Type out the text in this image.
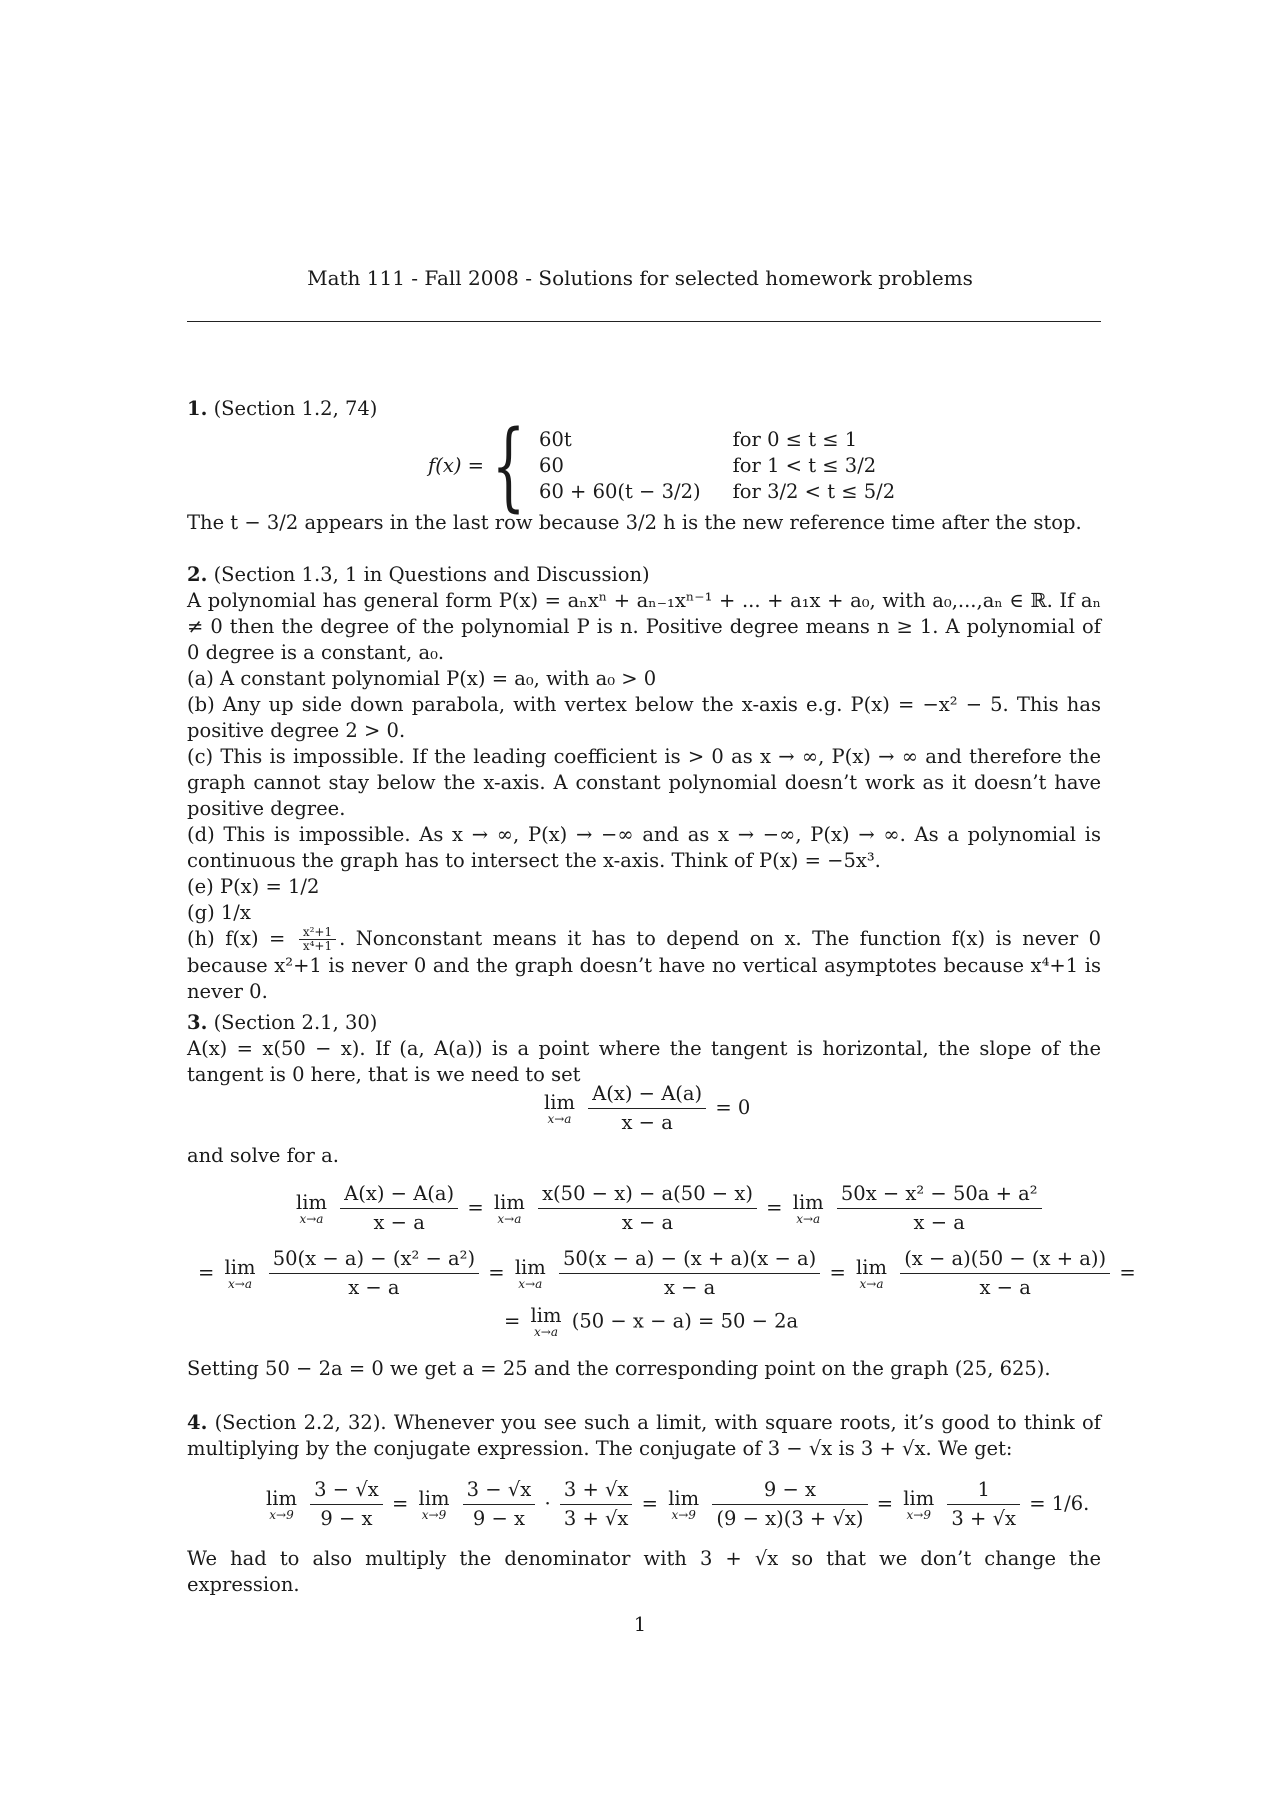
Math 111 - Fall 2008 - Solutions for selected homework problems
1. (Section 1.2, 74)
f(x) = { 60t	for 0 ≤ t ≤ 1
60	for 1 < t ≤ 3/2
60 + 60(t − 3/2)	for 3/2 < t ≤ 5/2

The t − 3/2 appears in the last row because 3/2 h is the new reference time after the stop.

2. (Section 1.3, 1 in Questions and Discussion)

A polynomial has general form P(x) = aₙxⁿ + aₙ₋₁xⁿ⁻¹ + ... + a₁x + a₀, with a₀,...,aₙ ∈ ℝ. If aₙ ≠ 0 then the degree of the polynomial P is n. Positive degree means n ≥ 1. A polynomial of 0 degree is a constant, a₀.

(a) A constant polynomial P(x) = a₀, with a₀ > 0

(b) Any up side down parabola, with vertex below the x-axis e.g. P(x) = −x² − 5. This has positive degree 2 > 0.

(c) This is impossible. If the leading coefficient is > 0 as x → ∞, P(x) → ∞ and therefore the graph cannot stay below the x-axis. A constant polynomial doesn’t work as it doesn’t have positive degree.

(d) This is impossible. As x → ∞, P(x) → −∞ and as x → −∞, P(x) → ∞. As a polynomial is continuous the graph has to intersect the x-axis. Think of P(x) = −5x³.

(e) P(x) = 1/2

(g) 1/x

(h) $f(x) = \frac{\text{x²+1}}{\text{x⁴+1}}$ . Nonconstant means it has to depend on x. The function f(x) is never 0 because x²+1 is never 0 and the graph doesn’t have no vertical asymptotes because x⁴+1 is never 0.

3. (Section 2.1, 30)

A(x) = x(50 − x). If (a, A(a)) is a point where the tangent is horizontal, the slope of the tangent is 0 here, that is we need to set

lim
x→a
$\frac{A(x) - A(a)}{x - a} = 0$

and solve for a.

lim
x→a
$\frac{A(x) - A(a)}{x - a} = \lim$
x→a
$\frac{x(50 - x) - a(50 - x)}{x - a} = \lim$
x→a
$\frac{\text{50x − x² − 50a + a²}}{x - a}$
= lim
x→a
$\frac{\text{50(x − a) − (x² − a²)}}{x - a} = \lim$
x→a
$\frac{50(x - a) - (x + a)(x - a)}{x - a} = \lim$
x→a
$\frac{(x - a)(50 - (x + a))}{x - a}$ =
= lim
x→a (50 − x − a) = 50 − 2a

Setting 50 − 2a = 0 we get a = 25 and the corresponding point on the graph (25, 625).

4. (Section 2.2, 32). Whenever you see such a limit, with square roots, it’s good to think of multiplying by the conjugate expression. The conjugate of 3 − √x is 3 + √x. We get:

lim
x→9
$\frac{3 - √x}{9 - x} = \lim$
x→9
$\frac{3 - √x}{9 - x} \cdot \frac{3 + √x}{3 + √x} = \lim$
x→9
$\frac{9 - x}{(9 - x)(3 + √x)} = \lim$
x→9
$\frac{1}{3 + √x} = 1/6$.

We had to also multiply the denominator with 3 + √x so that we don’t change the expression.

1
